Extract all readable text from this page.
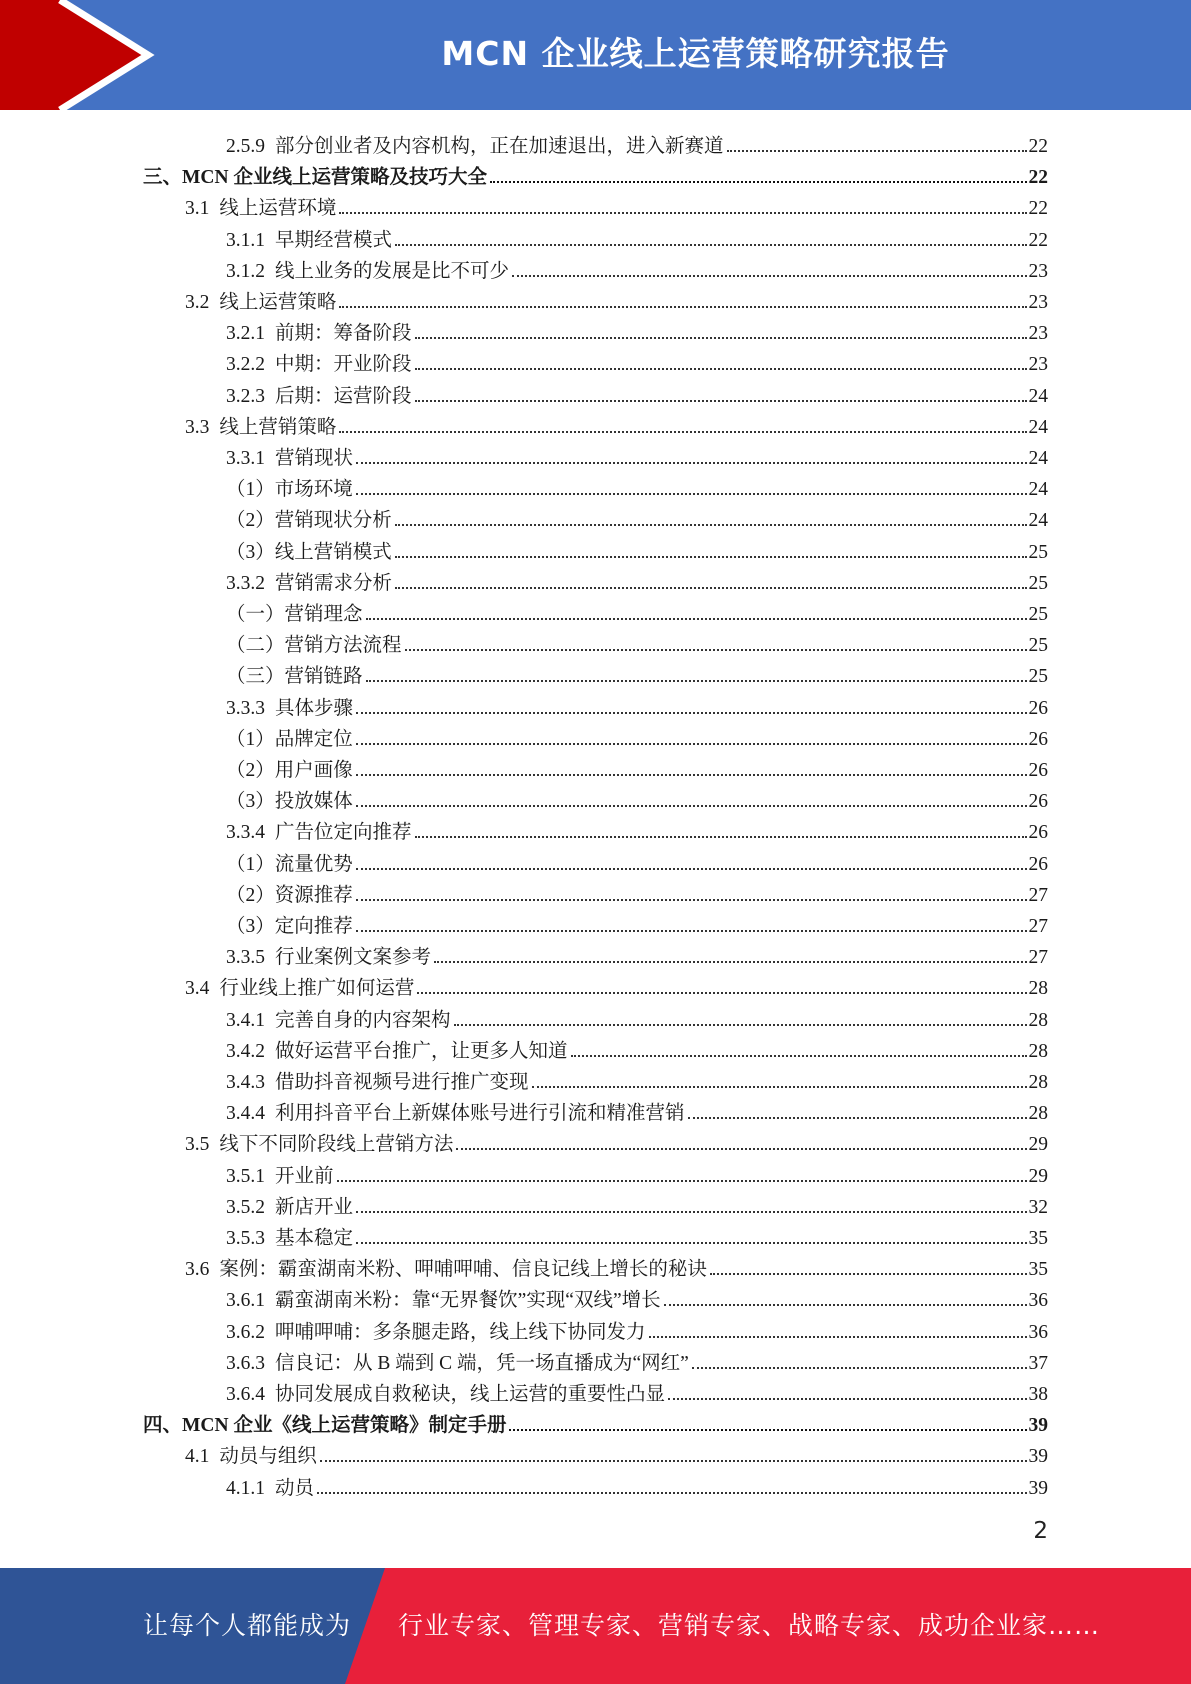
MCN 企业线上运营策略研究报告
2.5.9 部分创业者及内容机构，正在加速退出，进入新赛道	22
三、MCN 企业线上运营策略及技巧大全	22
3.1 线上运营环境	22
3.1.1 早期经营模式	22
3.1.2 线上业务的发展是比不可少	23
3.2 线上运营策略	23
3.2.1 前期：筹备阶段	23
3.2.2 中期：开业阶段	23
3.2.3 后期：运营阶段	24
3.3 线上营销策略	24
3.3.1 营销现状	24
（1）市场环境	24
（2）营销现状分析	24
（3）线上营销模式	25
3.3.2 营销需求分析	25
（一）营销理念	25
（二）营销方法流程	25
（三）营销链路	25
3.3.3 具体步骤	26
（1）品牌定位	26
（2）用户画像	26
（3）投放媒体	26
3.3.4 广告位定向推荐	26
（1）流量优势	26
（2）资源推荐	27
（3）定向推荐	27
3.3.5 行业案例文案参考	27
3.4 行业线上推广如何运营	28
3.4.1 完善自身的内容架构	28
3.4.2 做好运营平台推广，让更多人知道	28
3.4.3 借助抖音视频号进行推广变现	28
3.4.4 利用抖音平台上新媒体账号进行引流和精准营销	28
3.5 线下不同阶段线上营销方法	29
3.5.1 开业前	29
3.5.2 新店开业	32
3.5.3 基本稳定	35
3.6 案例：霸蛮湖南米粉、呷哺呷哺、信良记线上增长的秘诀	35
3.6.1 霸蛮湖南米粉：靠“无界餐饮”实现“双线”增长	36
3.6.2 呷哺呷哺：多条腿走路，线上线下协同发力	36
3.6.3 信良记：从 B 端到 C 端，凭一场直播成为“网红”	37
3.6.4 协同发展成自救秘诀，线上运营的重要性凸显	38
四、MCN 企业《线上运营策略》制定手册	39
4.1 动员与组织	39
4.1.1 动员	39
2
让每个人都能成为 行业专家、管理专家、营销专家、战略专家、成功企业家……
